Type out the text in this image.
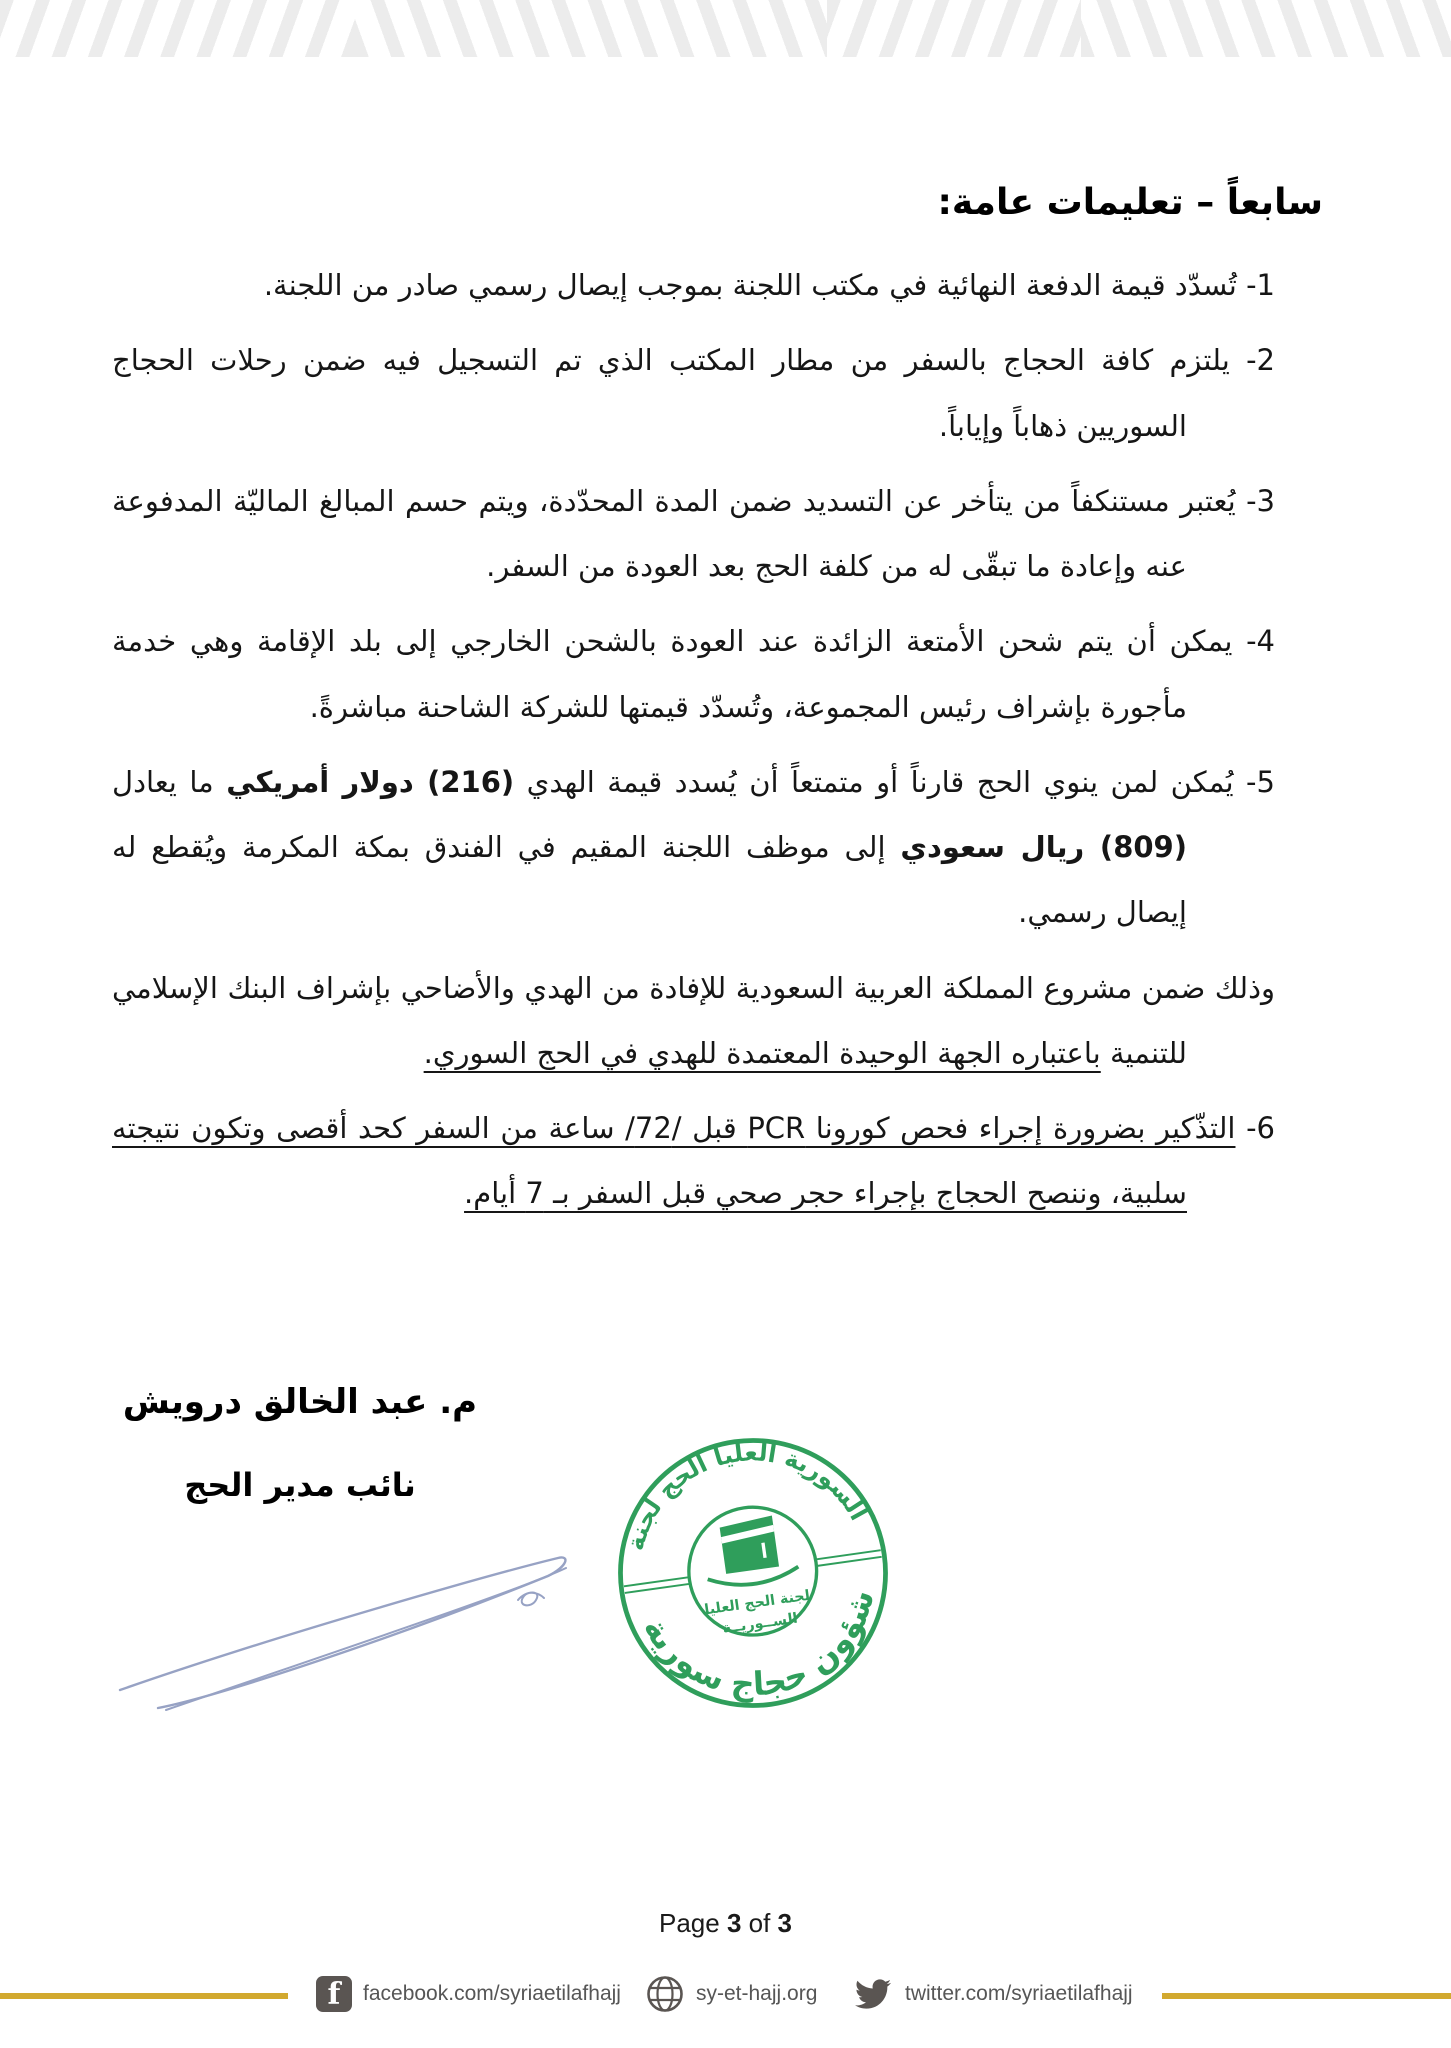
سابعاً – تعليمات عامة:

1- تُسدّد قيمة الدفعة النهائية في مكتب اللجنة بموجب إيصال رسمي صادر من اللجنة.

2- يلتزم كافة الحجاج بالسفر من مطار المكتب الذي تم التسجيل فيه ضمن رحلات الحجاج السوريين ذهاباً وإياباً.

3- يُعتبر مستنكفاً من يتأخر عن التسديد ضمن المدة المحدّدة، ويتم حسم المبالغ الماليّة المدفوعة عنه وإعادة ما تبقّى له من كلفة الحج بعد العودة من السفر.

4- يمكن أن يتم شحن الأمتعة الزائدة عند العودة بالشحن الخارجي إلى بلد الإقامة وهي خدمة مأجورة بإشراف رئيس المجموعة، وتُسدّد قيمتها للشركة الشاحنة مباشرةً.

5- يُمكن لمن ينوي الحج قارناً أو متمتعاً أن يُسدد قيمة الهدي (216) دولار أمريكي ما يعادل (809) ريال سعودي إلى موظف اللجنة المقيم في الفندق بمكة المكرمة ويُقطع له إيصال رسمي.

وذلك ضمن مشروع المملكة العربية السعودية للإفادة من الهدي والأضاحي بإشراف البنك الإسلامي للتنمية باعتباره الجهة الوحيدة المعتمدة للهدي في الحج السوري.

6- التذّكير بضرورة إجراء فحص كورونا PCR قبل /72/ ساعة من السفر كحد أقصى وتكون نتيجته سلبية، وننصح الحجاج بإجراء حجر صحي قبل السفر بـ 7 أيام.

م. عبد الخالق درويش
نائب مدير الحج
السورية العليا الحج لجنة
شؤون حجاج سورية
لجنة الحج العليا
الســوريــة
Page 3 of 3
f	facebook.com/syriaetilafhajj	sy-et-hajj.org	twitter.com/syriaetilafhajj
